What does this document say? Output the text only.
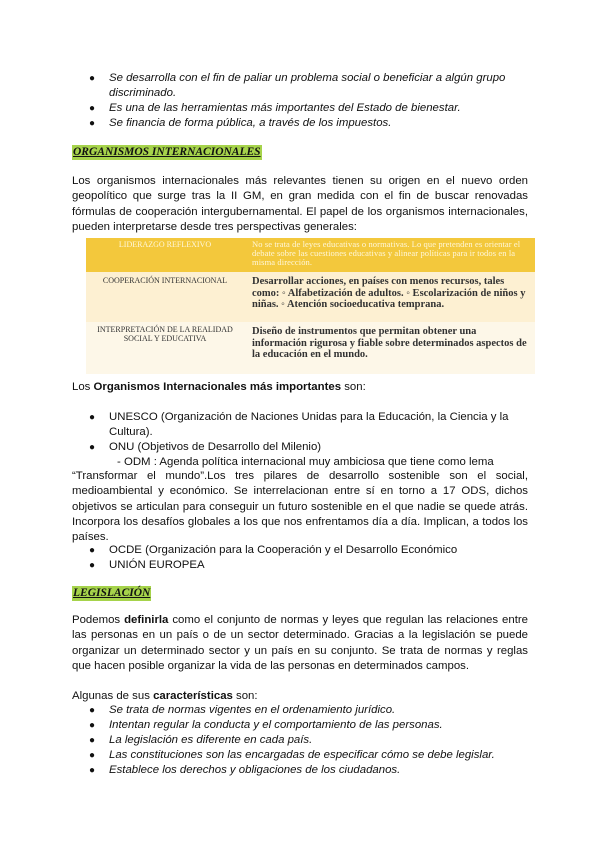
● Se desarrolla con el fin de paliar un problema social o beneficiar a algún grupo discriminado.
● Es una de las herramientas más importantes del Estado de bienestar.
● Se financia de forma pública, a través de los impuestos.
ORGANISMOS INTERNACIONALES

Los organismos internacionales más relevantes tienen su origen en el nuevo orden geopolítico que surge tras la II GM, en gran medida con el fin de buscar renovadas fórmulas de cooperación intergubernamental. El papel de los organismos internacionales, pueden interpretarse desde tres perspectivas generales:

LIDERAZGO REFLEXIVO	No se trata de leyes educativas o normativas. Lo que pretenden es orientar el debate sobre las cuestiones educativas y alinear políticas para ir todos en la misma dirección.
COOPERACIÓN INTERNACIONAL	Desarrollar acciones, en países con menos recursos, tales como: ◦ Alfabetización de adultos. ◦ Escolarización de niños y niñas. ◦ Atención socioeducativa temprana.
INTERPRETACIÓN DE LA REALIDAD SOCIAL Y EDUCATIVA
Diseño de instrumentos que permitan obtener una información rigurosa y fiable sobre determinados aspectos de la educación en el mundo.
Los Organismos Internacionales más importantes son:
● UNESCO (Organización de Naciones Unidas para la Educación, la Ciencia y la Cultura).
● ONU (Objetivos de Desarrollo del Milenio)
- ODM : Agenda política internacional muy ambiciosa que tiene como lema

“Transformar el mundo”.Los tres pilares de desarrollo sostenible son el social, medioambiental y económico. Se interrelacionan entre sí en torno a 17 ODS, dichos objetivos se articulan para conseguir un futuro sostenible en el que nadie se quede atrás. Incorpora los desafíos globales a los que nos enfrentamos día a día. Implican, a todos los países.

● OCDE (Organización para la Cooperación y el Desarrollo Económico
● UNIÓN EUROPEA
LEGISLACIÓN

Podemos definirla como el conjunto de normas y leyes que regulan las relaciones entre las personas en un país o de un sector determinado. Gracias a la legislación se puede organizar un determinado sector y un país en su conjunto. Se trata de normas y reglas que hacen posible organizar la vida de las personas en determinados campos.

Algunas de sus características son:
● Se trata de normas vigentes en el ordenamiento jurídico.
● Intentan regular la conducta y el comportamiento de las personas.
● La legislación es diferente en cada país.
● Las constituciones son las encargadas de especificar cómo se debe legislar.
● Establece los derechos y obligaciones de los ciudadanos.
